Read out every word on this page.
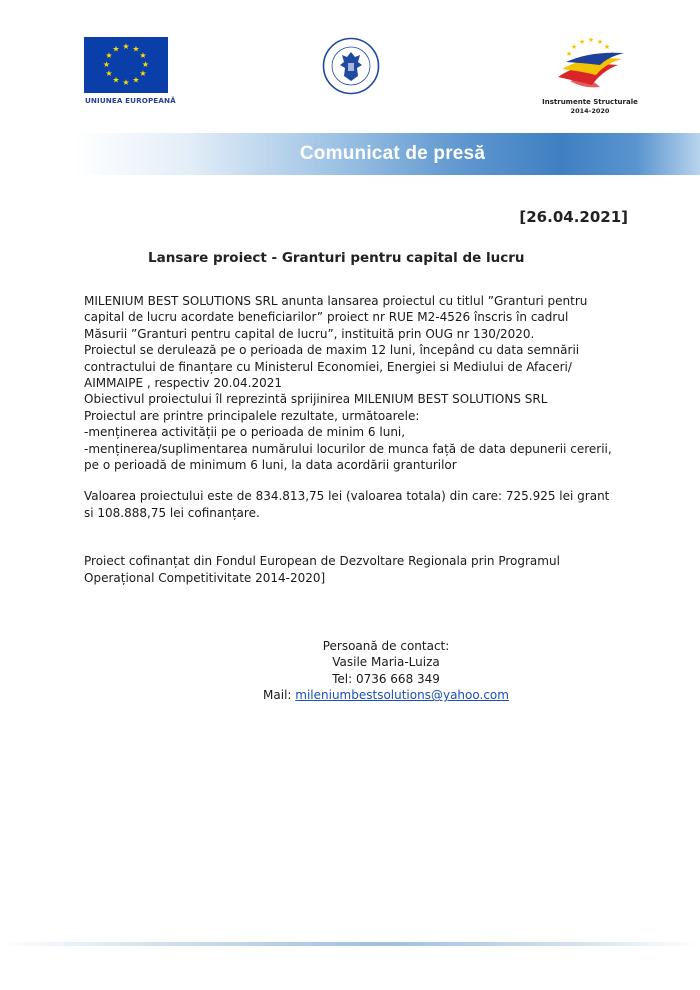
★ ★
★
★
★
★
★
★
★
★
★
★
UNIUNEA EUROPEANĂ
★
★ ★ ★
★
★
Instrumente Structurale
2014-2020
Comunicat de presă
[26.04.2021]
Lansare proiect - Granturi pentru capital de lucru

MILENIUM BEST SOLUTIONS SRL anunta lansarea proiectul cu titlul ”Granturi pentru

capital de lucru acordate beneficiarilor” proiect nr RUE M2-4526 înscris în cadrul

Măsurii ”Granturi pentru capital de lucru”, instituită prin OUG nr 130/2020.

Proiectul se derulează pe o perioada de maxim 12 luni, începând cu data semnării

contractului de finanțare cu Ministerul Economiei, Energiei si Mediului de Afaceri/

AIMMAIPE , respectiv 20.04.2021

Obiectivul proiectului îl reprezintă sprijinirea MILENIUM BEST SOLUTIONS SRL

Proiectul are printre principalele rezultate, următoarele:

-menținerea activității pe o perioada de minim 6 luni,

-menținerea/suplimentarea numărului locurilor de munca față de data depunerii cererii,

pe o perioadă de minimum 6 luni, la data acordării granturilor

Valoarea proiectului este de 834.813,75 lei (valoarea totala) din care: 725.925 lei grant

si 108.888,75 lei cofinanțare.

Proiect cofinanțat din Fondul European de Dezvoltare Regionala prin Programul

Operațional Competitivitate 2014-2020]

Persoană de contact:
Vasile Maria-Luiza
Tel: 0736 668 349
Mail: mileniumbestsolutions@yahoo.com
